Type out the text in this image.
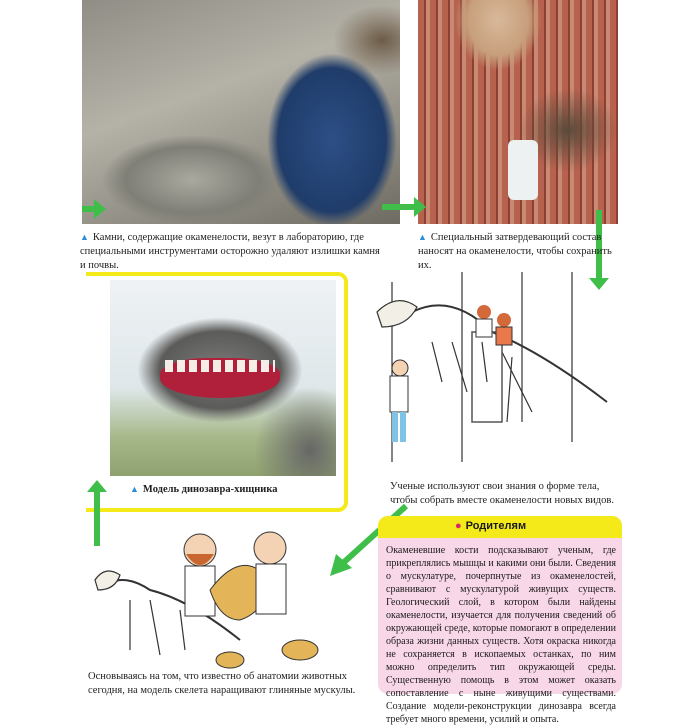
▲ Камни, содержащие окаменелости, везут в лабораторию, где специальными инструментами осторожно удаляют излишки камня и почвы.
▲ Специальный затвердевающий состав наносят на окаменелости, чтобы сохранить их.
▲ Модель динозавра-хищника	Ученые используют свои знания о форме тела, чтобы собрать вместе окаменелости новых видов.
Основываясь на том, что известно об анатомии животных сегодня, на модель скелета наращивают глиняные мускулы.
● Родителям
Окаменевшие кости подсказывают ученым, где прикреплялись мышцы и какими они были. Сведения о мускулатуре, почерпнутые из окаменелостей, сравнивают с мускулатурой живущих существ. Геологический слой, в котором были найдены окаменелости, изучается для получения сведений об окружающей среде, которые помогают в определении образа жизни данных существ. Хотя окраска никогда не сохраняется в ископаемых останках, по ним можно определить тип окружающей среды. Существенную помощь в этом может оказать сопоставление с ныне живущими существами. Создание модели-реконструкции динозавра всегда требует много времени, усилий и опыта.
